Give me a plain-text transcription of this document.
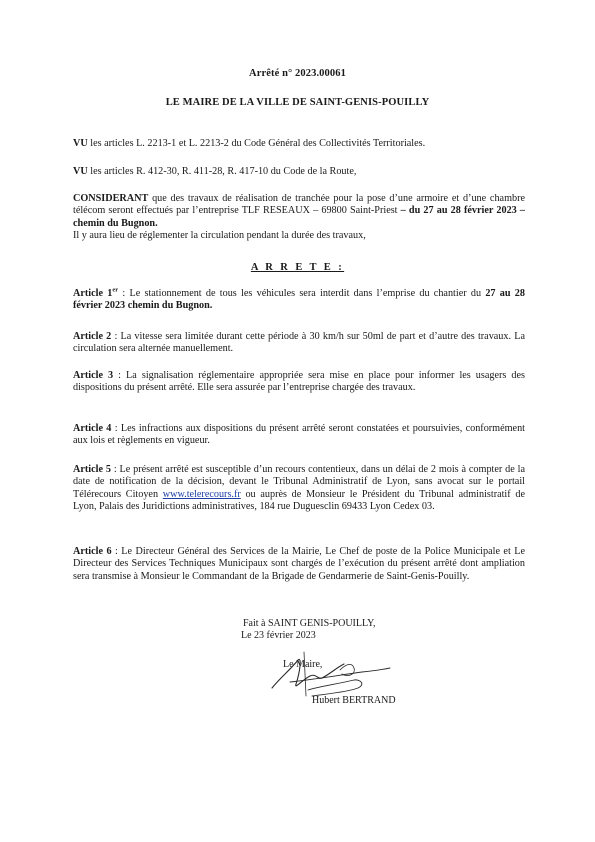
Arrêté n° 2023.00061
LE MAIRE DE LA VILLE DE SAINT-GENIS-POUILLY
VU les articles L. 2213-1 et L. 2213-2 du Code Général des Collectivités Territoriales.
VU les articles R. 412-30, R. 411-28, R. 417-10 du Code de la Route,
CONSIDERANT que des travaux de réalisation de tranchée pour la pose d’une armoire et d’une chambre télécom seront effectués par l’entreprise TLF RESEAUX – 69800 Saint-Priest – du 27 au 28 février 2023 – chemin du Bugnon.
Il y aura lieu de réglementer la circulation pendant la durée des travaux,
A R R E T E :
Article 1er : Le stationnement de tous les véhicules sera interdit dans l’emprise du chantier du 27 au 28 février 2023 chemin du Bugnon.
Article 2 : La vitesse sera limitée durant cette période à 30 km/h sur 50ml de part et d’autre des travaux. La circulation sera alternée manuellement.
Article 3 : La signalisation réglementaire appropriée sera mise en place pour informer les usagers des dispositions du présent arrêté. Elle sera assurée par l’entreprise chargée des travaux.
Article 4 : Les infractions aux dispositions du présent arrêté seront constatées et poursuivies, conformément aux lois et règlements en vigueur.
Article 5 : Le présent arrêté est susceptible d’un recours contentieux, dans un délai de 2 mois à compter de la date de notification de la décision, devant le Tribunal Administratif de Lyon, sans avocat sur le portail Télérecours Citoyen www.telerecours.fr ou auprès de Monsieur le Président du Tribunal administratif de Lyon, Palais des Juridictions administratives, 184 rue Duguesclin 69433 Lyon Cedex 03.
Article 6 : Le Directeur Général des Services de la Mairie, Le Chef de poste de la Police Municipale et Le Directeur des Services Techniques Municipaux sont chargés de l’exécution du présent arrêté dont ampliation sera transmise à Monsieur le Commandant de la Brigade de Gendarmerie de Saint-Genis-Pouilly.
Fait à SAINT GENIS-POUILLY,
Le 23 février 2023
Le Maire,
Hubert BERTRAND
